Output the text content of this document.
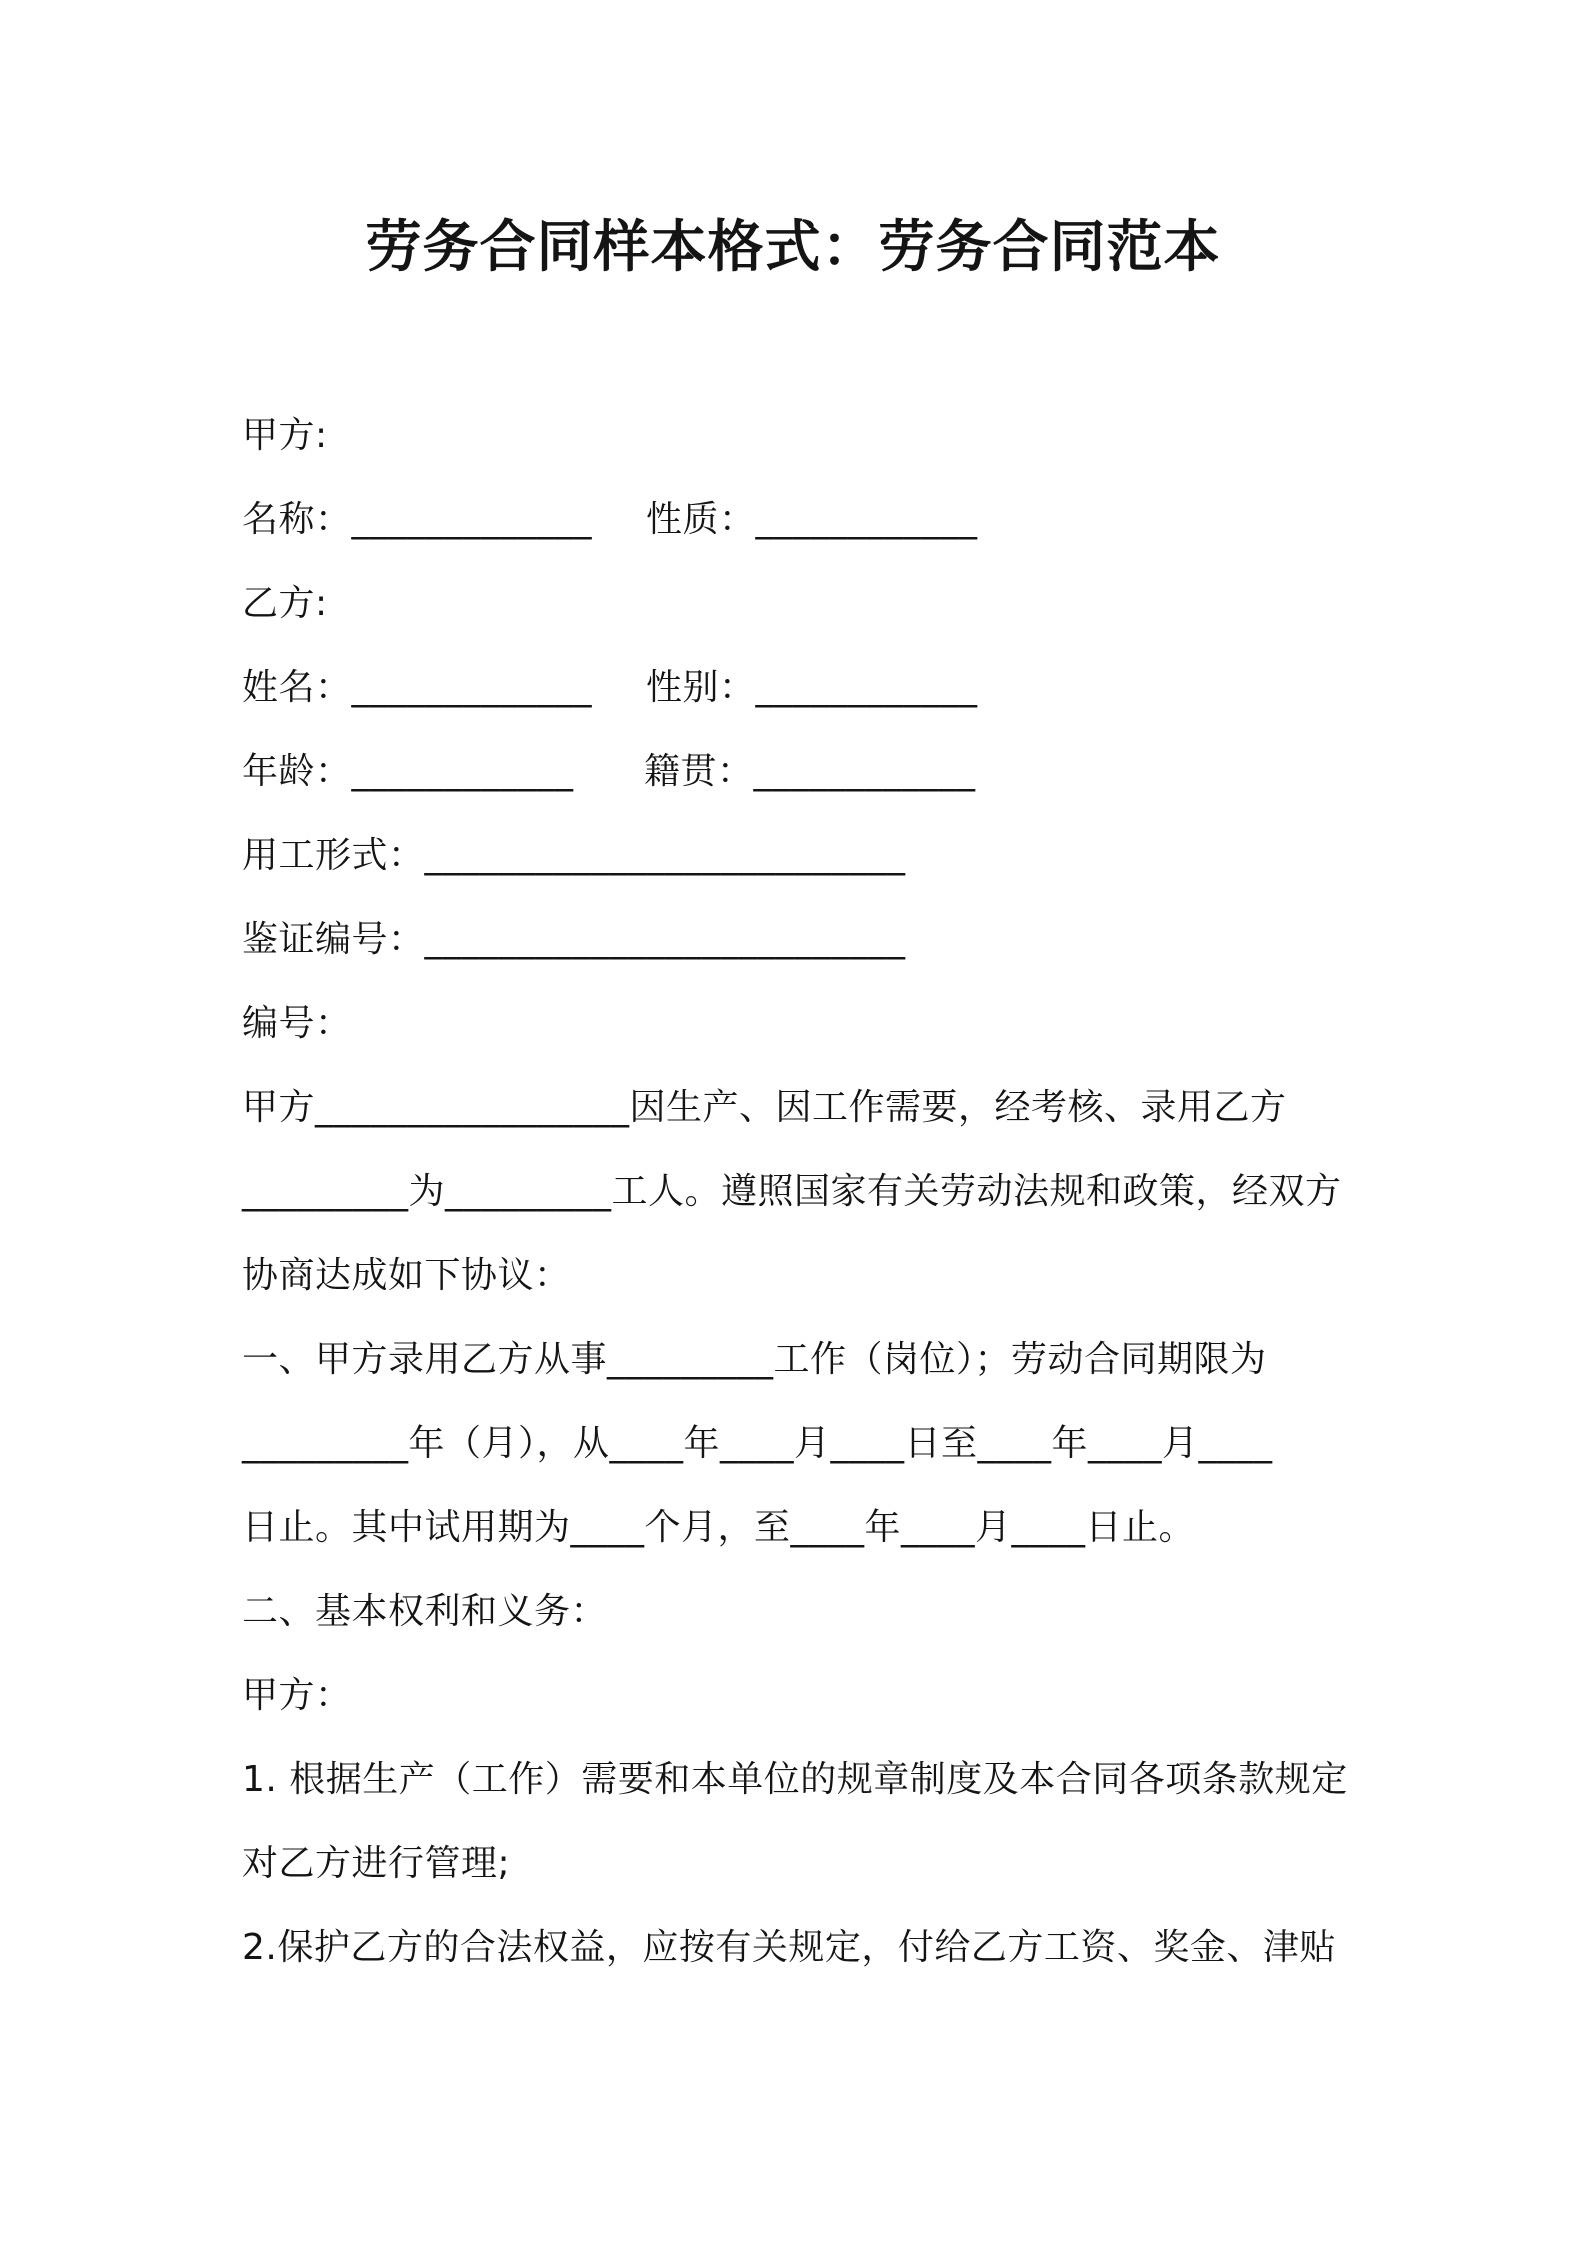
劳务合同样本格式：劳务合同范本
甲方:
名称：_____________ 性质：____________
乙方:
姓名：_____________ 性别：____________
年龄：____________ 籍贯：____________
用工形式：__________________________
鉴证编号：__________________________
编号：
甲方_________________因生产、因工作需要，经考核、录用乙方
_________为_________工人。遵照国家有关劳动法规和政策，经双方
协商达成如下协议：
一、甲方录用乙方从事_________工作（岗位）；劳动合同期限为
_________年（月），从____年____月____日至____年____月____
日止。其中试用期为____个月，至____年____月____日止。
二、基本权利和义务：
甲方：
1. 根据生产（工作）需要和本单位的规章制度及本合同各项条款规定
对乙方进行管理;
2.保护乙方的合法权益，应按有关规定，付给乙方工资、奖金、津贴
